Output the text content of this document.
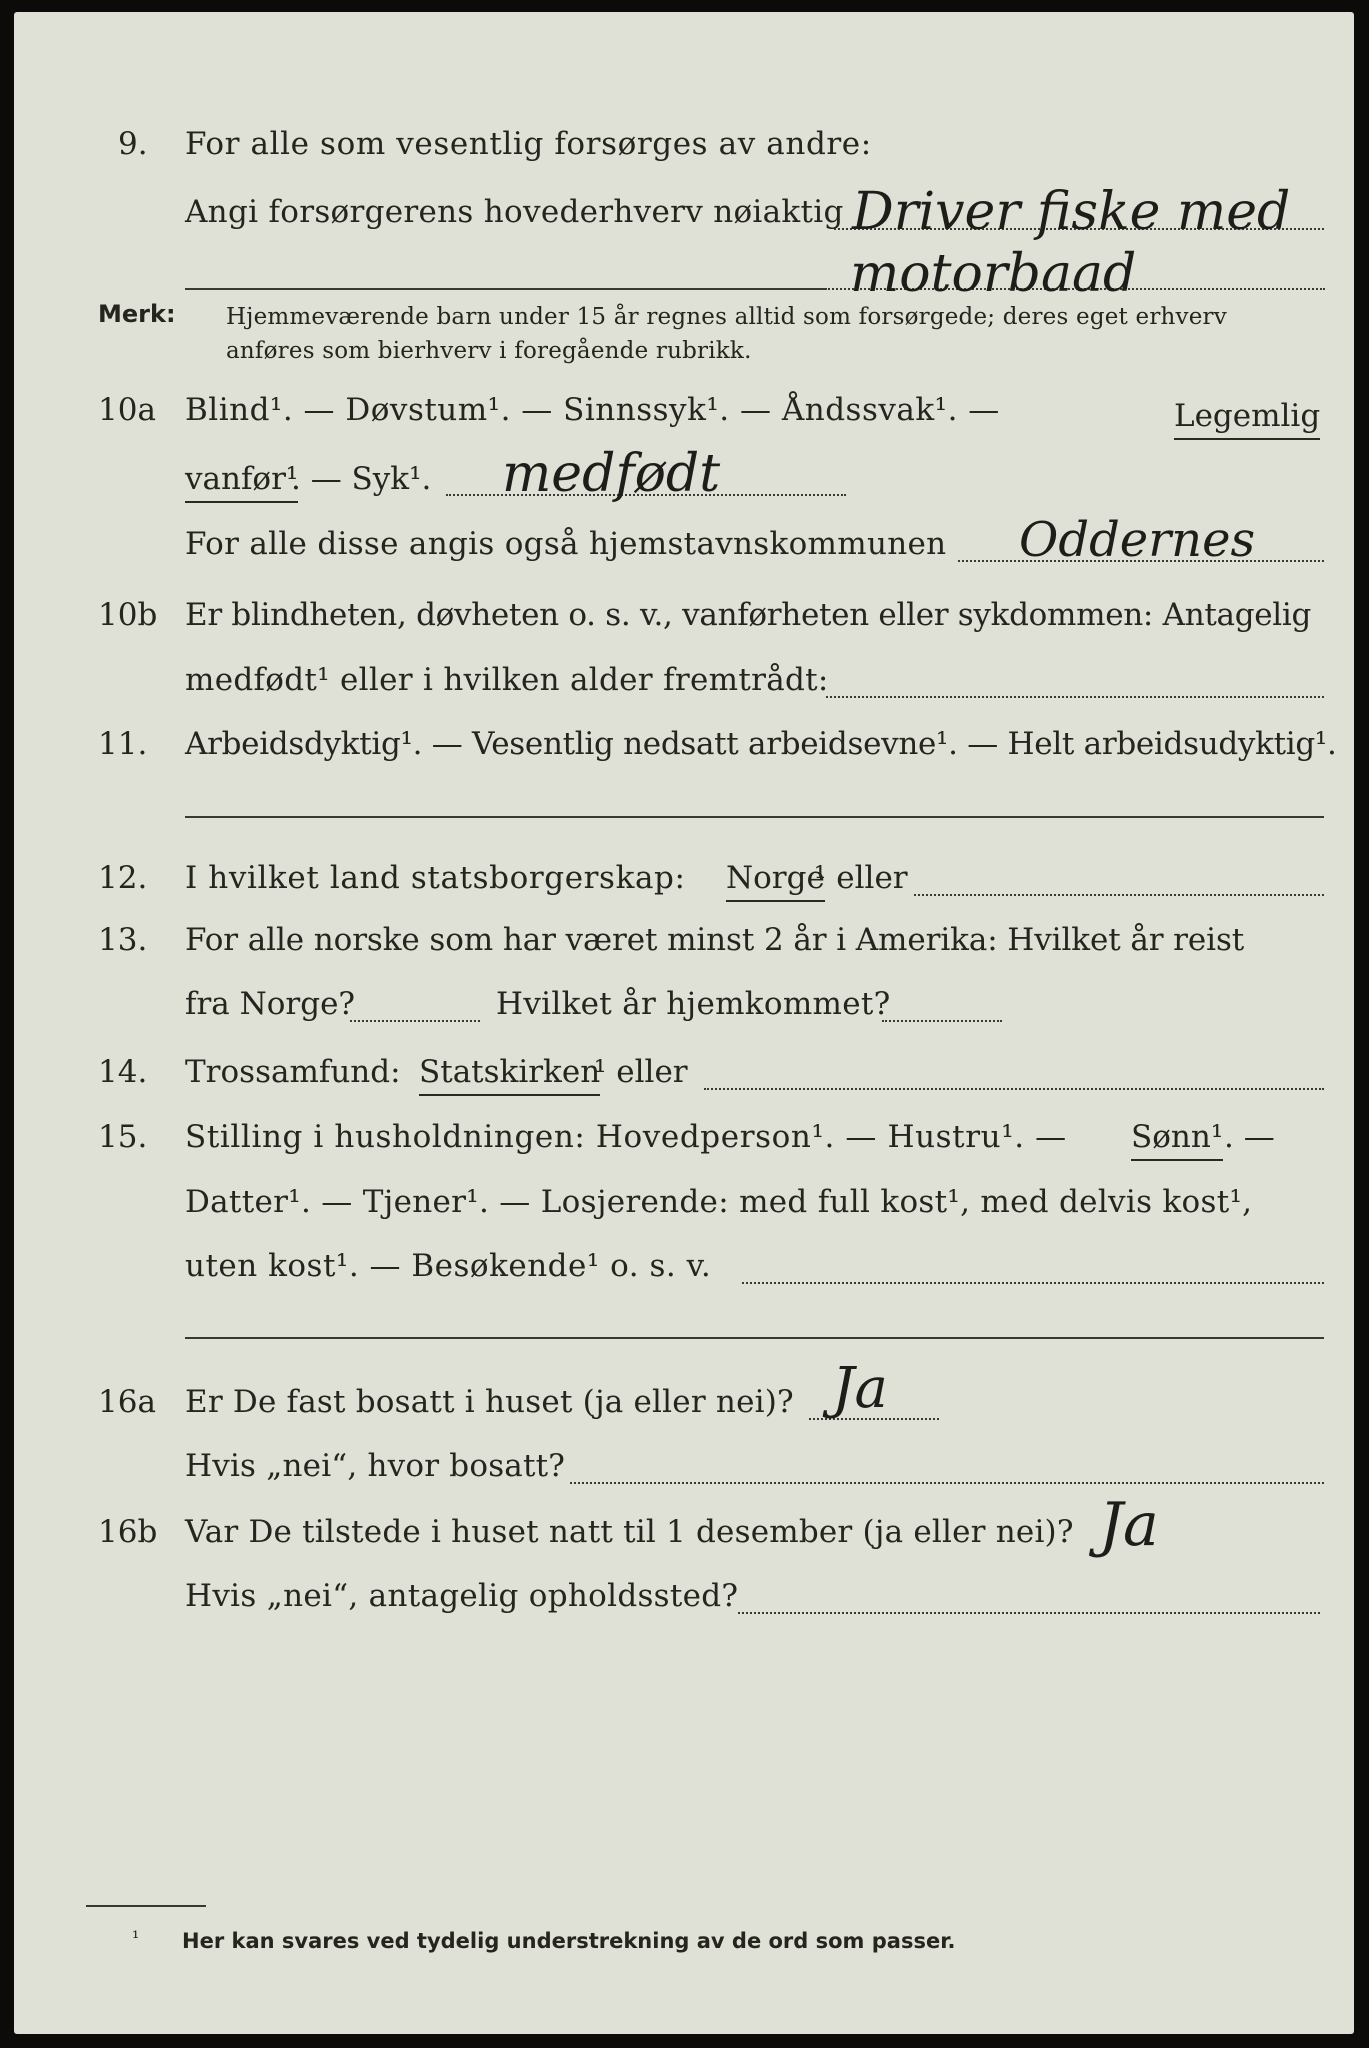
9. For alle som vesentlig forsørges av andre:
Angi forsørgerens hovederhverv nøiaktig Driver fiske med
motorbaad
Merk: Hjemmeværende barn under 15 år regnes alltid som forsørgede; deres eget erhverv
anføres som bierhverv i foregående rubrikk.
10a Blind¹. — Døvstum¹. — Sinnssyk¹. — Åndssvak¹. —	Legemlig
vanfør¹
. — Syk¹. medfødt
For alle disse angis også hjemstavnskommunen Oddernes
10b Er blindheten, døvheten o. s. v., vanførheten eller sykdommen: Antagelig
medfødt¹ eller i hvilken alder fremtrådt:
11. Arbeidsdyktig¹. — Vesentlig nedsatt arbeidsevne¹. — Helt arbeidsudyktig¹.
12. I hvilket land statsborgerskap: Norge
¹ eller
13. For alle norske som har været minst 2 år i Amerika: Hvilket år reist
fra Norge?	Hvilket år hjemkommet?
14. Trossamfund: Statskirken
¹ eller
15. Stilling i husholdningen: Hovedperson¹. — Hustru¹. — Sønn¹ . —
Datter¹. — Tjener¹. — Losjerende: med full kost¹, med delvis kost¹,
uten kost¹. — Besøkende¹ o. s. v.
16a Er De fast bosatt i huset (ja eller nei)? Ja
Hvis „nei“, hvor bosatt?
16b Var De tilstede i huset natt til 1 desember (ja eller nei)? Ja
Hvis „nei“, antagelig opholdssted?
¹ Her kan svares ved tydelig understrekning av de ord som passer.
